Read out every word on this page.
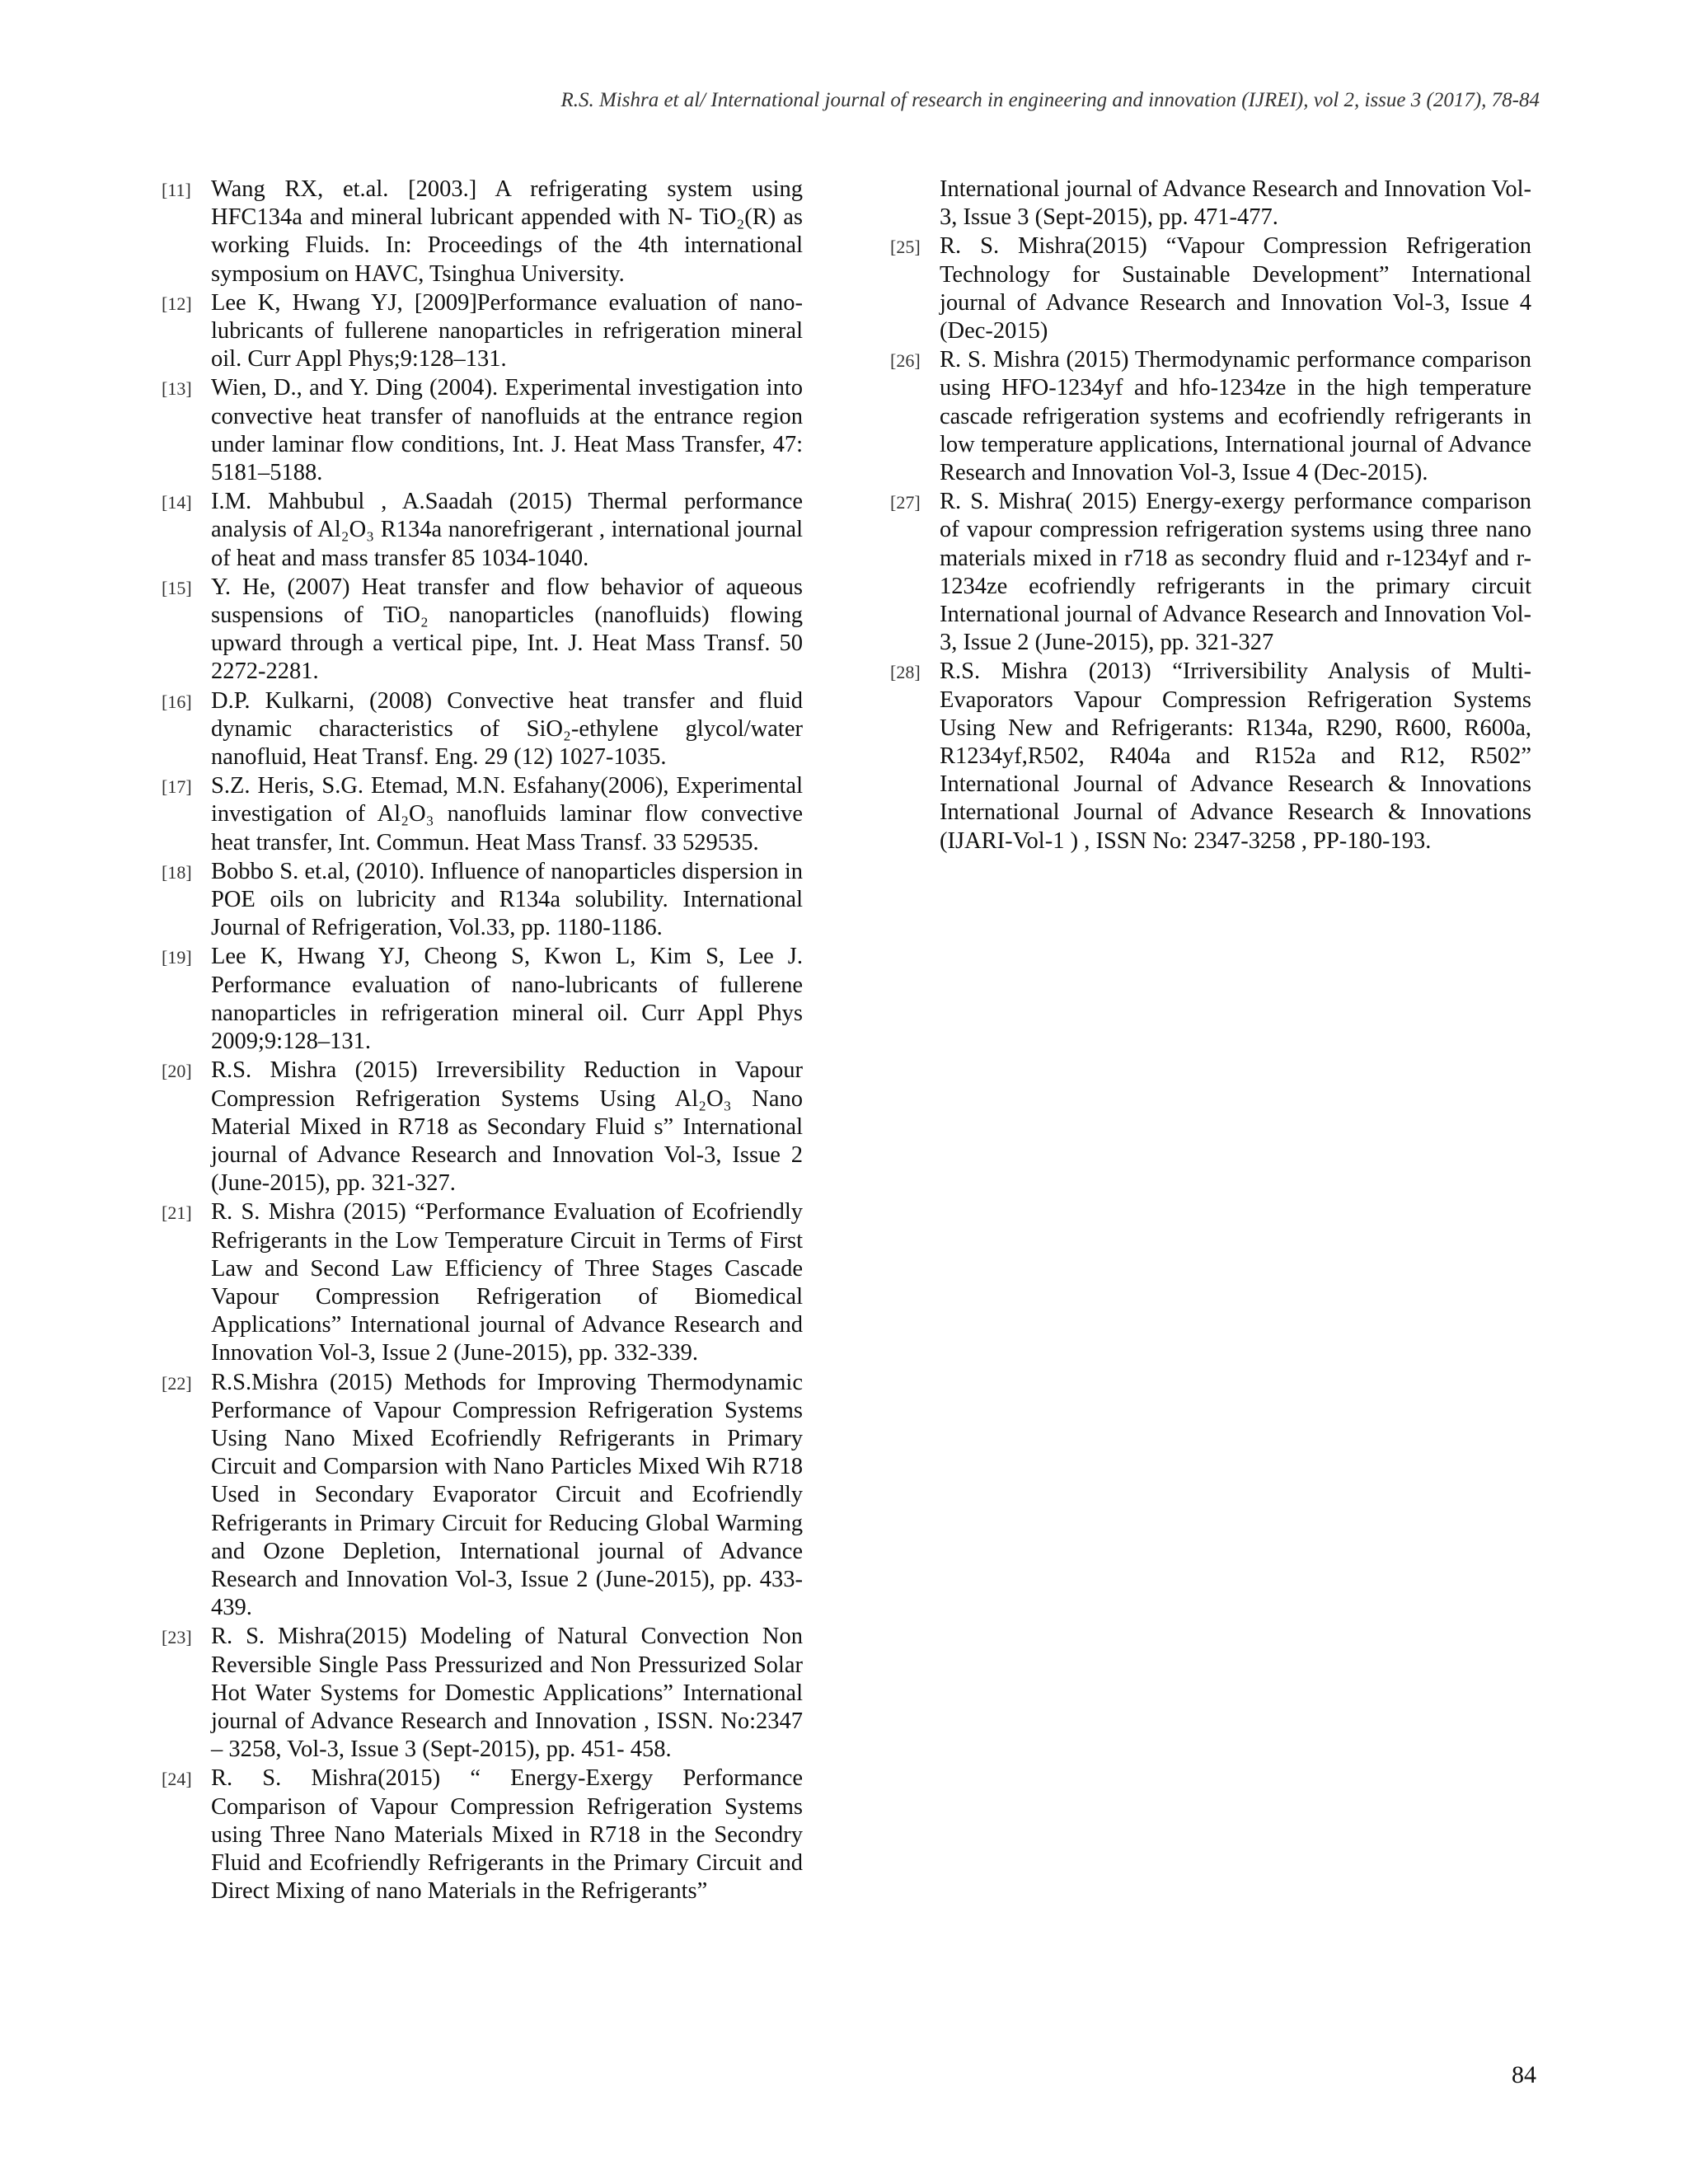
R.S. Mishra et al/ International journal of research in engineering and innovation (IJREI), vol 2, issue 3 (2017), 78-84
[11] Wang RX, et.al. [2003.] A refrigerating system using HFC134a and mineral lubricant appended with N- TiO₂(R) as working Fluids. In: Proceedings of the 4th international symposium on HAVC, Tsinghua University.
[12] Lee K, Hwang YJ, [2009]Performance evaluation of nano-lubricants of fullerene nanoparticles in refrigeration mineral oil. Curr Appl Phys;9:128–131.
[13] Wien, D., and Y. Ding (2004). Experimental investigation into convective heat transfer of nanofluids at the entrance region under laminar flow conditions, Int. J. Heat Mass Transfer, 47: 5181–5188.
[14] I.M. Mahbubul , A.Saadah (2015) Thermal performance analysis of Al₂O₃ R134a nanorefrigerant , international journal of heat and mass transfer 85 1034-1040.
[15] Y. He, (2007) Heat transfer and flow behavior of aqueous suspensions of TiO₂ nanoparticles (nanofluids) flowing upward through a vertical pipe, Int. J. Heat Mass Transf. 50 2272-2281.
[16] D.P. Kulkarni, (2008) Convective heat transfer and fluid dynamic characteristics of SiO₂-ethylene glycol/water nanofluid, Heat Transf. Eng. 29 (12) 1027-1035.
[17] S.Z. Heris, S.G. Etemad, M.N. Esfahany(2006), Experimental investigation of Al₂O₃ nanofluids laminar flow convective heat transfer, Int. Commun. Heat Mass Transf. 33 529535.
[18] Bobbo S. et.al, (2010). Influence of nanoparticles dispersion in POE oils on lubricity and R134a solubility. International Journal of Refrigeration, Vol.33, pp. 1180-1186.
[19] Lee K, Hwang YJ, Cheong S, Kwon L, Kim S, Lee J. Performance evaluation of nano-lubricants of fullerene nanoparticles in refrigeration mineral oil. Curr Appl Phys 2009;9:128–131.
[20] R.S. Mishra (2015) Irreversibility Reduction in Vapour Compression Refrigeration Systems Using Al₂O₃ Nano Material Mixed in R718 as Secondary Fluid s” International journal of Advance Research and Innovation Vol-3, Issue 2 (June-2015), pp. 321-327.
[21] R. S. Mishra (2015) “Performance Evaluation of Ecofriendly Refrigerants in the Low Temperature Circuit in Terms of First Law and Second Law Efficiency of Three Stages Cascade Vapour Compression Refrigeration of Biomedical Applications” International journal of Advance Research and Innovation Vol-3, Issue 2 (June-2015), pp. 332-339.
[22] R.S.Mishra (2015) Methods for Improving Thermodynamic Performance of Vapour Compression Refrigeration Systems Using Nano Mixed Ecofriendly Refrigerants in Primary Circuit and Comparsion with Nano Particles Mixed Wih R718 Used in Secondary Evaporator Circuit and Ecofriendly Refrigerants in Primary Circuit for Reducing Global Warming and Ozone Depletion, International journal of Advance Research and Innovation Vol-3, Issue 2 (June-2015), pp. 433-439.
[23] R. S. Mishra(2015) Modeling of Natural Convection Non Reversible Single Pass Pressurized and Non Pressurized Solar Hot Water Systems for Domestic Applications” International journal of Advance Research and Innovation , ISSN. No:2347 – 3258, Vol-3, Issue 3 (Sept-2015), pp. 451- 458.
[24] R. S. Mishra(2015) “ Energy-Exergy Performance Comparison of Vapour Compression Refrigeration Systems using Three Nano Materials Mixed in R718 in the Secondry Fluid and Ecofriendly Refrigerants in the Primary Circuit and Direct Mixing of nano Materials in the Refrigerants”
International journal of Advance Research and Innovation Vol-3, Issue 3 (Sept-2015), pp. 471-477.
[25] R. S. Mishra(2015) “Vapour Compression Refrigeration Technology for Sustainable Development” International journal of Advance Research and Innovation Vol-3, Issue 4 (Dec-2015)
[26] R. S. Mishra (2015) Thermodynamic performance comparison using HFO-1234yf and hfo-1234ze in the high temperature cascade refrigeration systems and ecofriendly refrigerants in low temperature applications, International journal of Advance Research and Innovation Vol-3, Issue 4 (Dec-2015).
[27] R. S. Mishra( 2015) Energy-exergy performance comparison of vapour compression refrigeration systems using three nano materials mixed in r718 as secondry fluid and r-1234yf and r-1234ze ecofriendly refrigerants in the primary circuit International journal of Advance Research and Innovation Vol-3, Issue 2 (June-2015), pp. 321-327
[28] R.S. Mishra (2013) “Irriversibility Analysis of Multi-Evaporators Vapour Compression Refrigeration Systems Using New and Refrigerants: R134a, R290, R600, R600a, R1234yf,R502, R404a and R152a and R12, R502” International Journal of Advance Research & Innovations International Journal of Advance Research & Innovations (IJARI-Vol-1 ) , ISSN No: 2347-3258 , PP-180-193.
84
